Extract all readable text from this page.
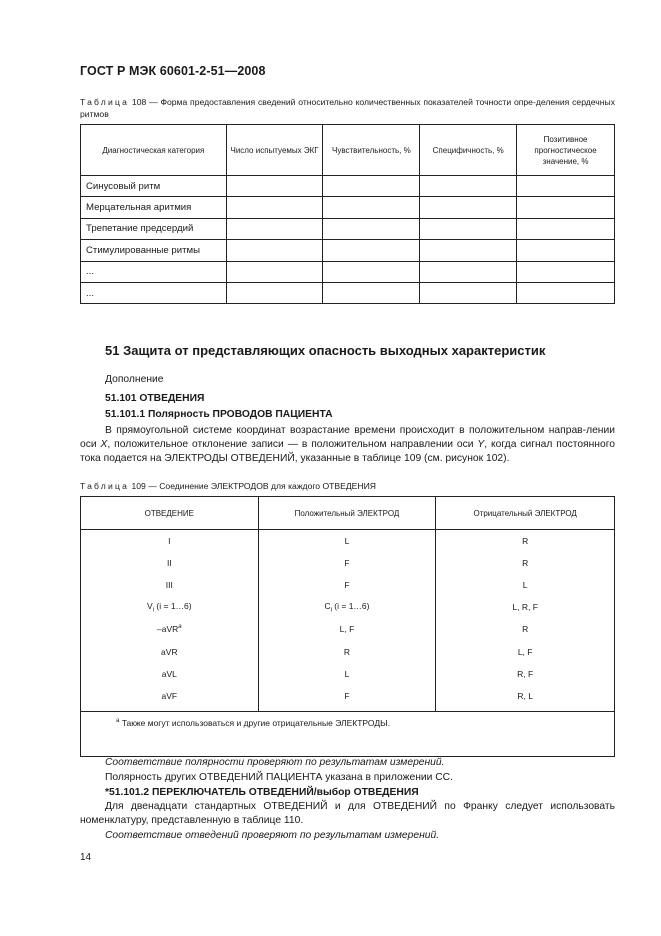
ГОСТ Р МЭК 60601-2-51—2008
Таблица 108 — Форма предоставления сведений относительно количественных показателей точности опре-деления сердечных ритмов
Диагностическая категория	Число испытуемых ЭКГ	Чувствительность, %	Специфичность, %	Позитивное прогностическое значение, %
Синусовый ритм				
Мерцательная аритмия				
Трепетание предсердий				
Стимулированные ритмы				
...				
...				
51 Защита от представляющих опасность выходных характеристик
Дополнение
51.101 ОТВЕДЕНИЯ
51.101.1 Полярность ПРОВОДОВ ПАЦИЕНТА
В прямоугольной системе координат возрастание времени происходит в положительном направ-лении оси X, положительное отклонение записи — в положительном направлении оси Y, когда сигнал постоянного тока подается на ЭЛЕКТРОДЫ ОТВЕДЕНИЙ, указанные в таблице 109 (см. рисунок 102).
Таблица 109 — Соединение ЭЛЕКТРОДОВ для каждого ОТВЕДЕНИЯ
ОТВЕДЕНИЕ	Положительный ЭЛЕКТРОД	Отрицательный ЭЛЕКТРОД
I	L	R
II	F	R
III	F	L
$V_i$ (i = 1…6)	$C_i$ (i = 1…6)	L, R, F
–aVR$^a$	L, F	R
aVR	R	L, F
aVL	L	R, F
aVF	F	R, L
$^a$ Также могут использоваться и другие отрицательные ЭЛЕКТРОДЫ.		
Соответствие полярности проверяют по результатам измерений.
Полярность других ОТВЕДЕНИЙ ПАЦИЕНТА указана в приложении СС.
*51.101.2 ПЕРЕКЛЮЧАТЕЛЬ ОТВЕДЕНИЙ/выбор ОТВЕДЕНИЯ
Для двенадцати стандартных ОТВЕДЕНИЙ и для ОТВЕДЕНИЙ по Франку следует использовать номенклатуру, представленную в таблице 110.
Соответствие отведений проверяют по результатам измерений.
14
